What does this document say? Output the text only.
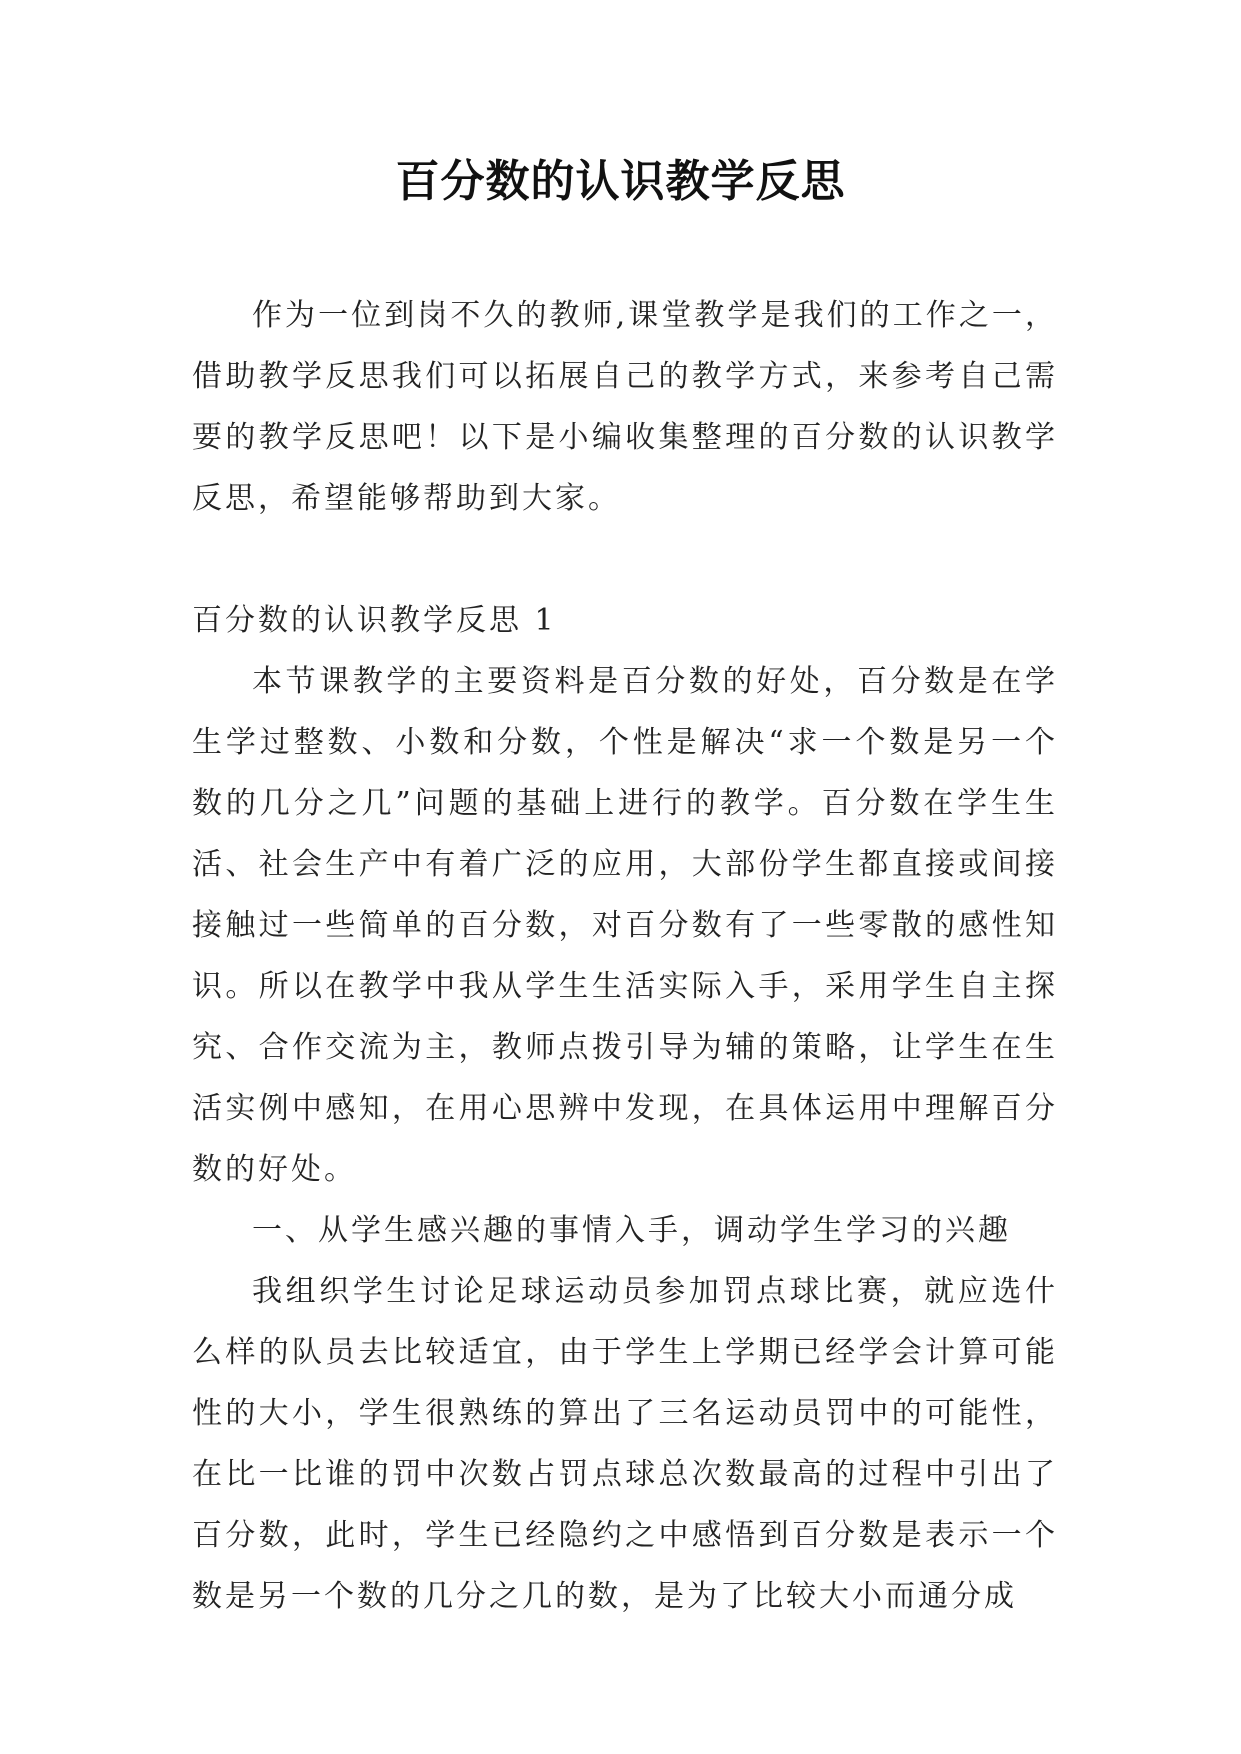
百分数的认识教学反思

作为一位到岗不久的教师,课堂教学是我们的工作之一，借助教学反思我们可以拓展自己的教学方式，来参考自己需要的教学反思吧！以下是小编收集整理的百分数的认识教学反思，希望能够帮助到大家。

百分数的认识教学反思 1

本节课教学的主要资料是百分数的好处，百分数是在学生学过整数、小数和分数，个性是解决“求一个数是另一个数的几分之几”问题的基础上进行的教学。百分数在学生生活、社会生产中有着广泛的应用，大部份学生都直接或间接接触过一些简单的百分数，对百分数有了一些零散的感性知识。所以在教学中我从学生生活实际入手，采用学生自主探究、合作交流为主，教师点拨引导为辅的策略，让学生在生活实例中感知，在用心思辨中发现，在具体运用中理解百分数的好处。

一、从学生感兴趣的事情入手，调动学生学习的兴趣

我组织学生讨论足球运动员参加罚点球比赛，就应选什么样的队员去比较适宜，由于学生上学期已经学会计算可能性的大小，学生很熟练的算出了三名运动员罚中的可能性，在比一比谁的罚中次数占罚点球总次数最高的过程中引出了百分数，此时，学生已经隐约之中感悟到百分数是表示一个数是另一个数的几分之几的数，是为了比较大小而通分成
